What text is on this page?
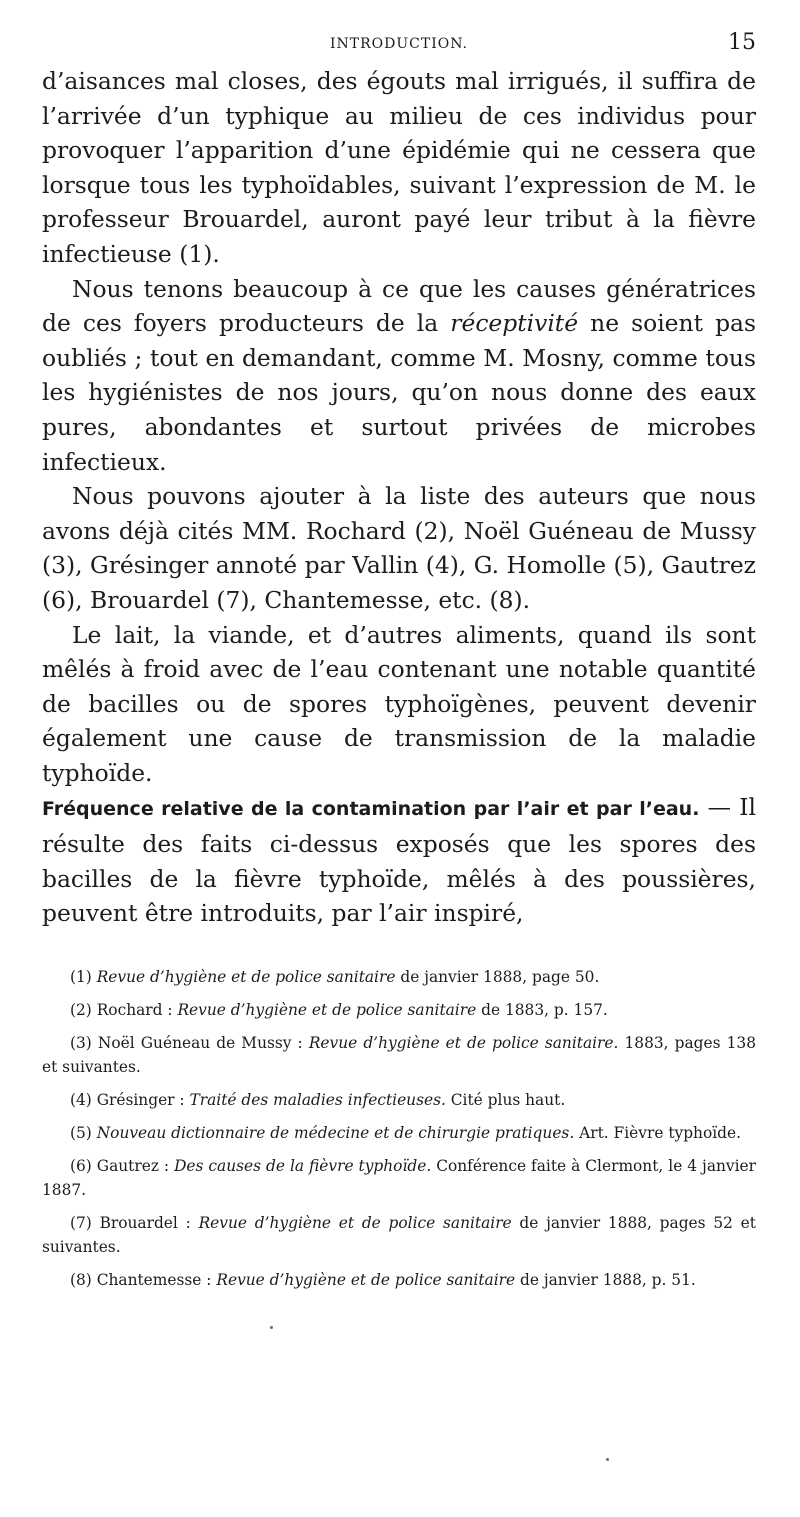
INTRODUCTION.	15

d’aisances mal closes, des égouts mal irrigués, il suffira de l’arrivée d’un typhique au milieu de ces individus pour provoquer l’apparition d’une épidémie qui ne cessera que lorsque tous les typhoïdables, suivant l’expression de M. le professeur Brouardel, auront payé leur tribut à la fièvre infectieuse (1).

Nous tenons beaucoup à ce que les causes génératrices de ces foyers producteurs de la réceptivité ne soient pas oubliés ; tout en demandant, comme M. Mosny, comme tous les hygiénistes de nos jours, qu’on nous donne des eaux pures, abondantes et surtout privées de microbes infectieux.

Nous pouvons ajouter à la liste des auteurs que nous avons déjà cités MM. Rochard (2), Noël Guéneau de Mussy (3), Grésinger annoté par Vallin (4), G. Homolle (5), Gautrez (6), Brouardel (7), Chantemesse, etc. (8).

Le lait, la viande, et d’autres aliments, quand ils sont mêlés à froid avec de l’eau contenant une notable quantité de bacilles ou de spores typhoïgènes, peuvent devenir également une cause de transmission de la maladie typhoïde.

Fréquence relative de la contamination par l’air et par l’eau. — Il résulte des faits ci-dessus exposés que les spores des bacilles de la fièvre typhoïde, mêlés à des poussières, peuvent être introduits, par l’air inspiré,

(1) Revue d’hygiène et de police sanitaire de janvier 1888, page 50.

(2) Rochard : Revue d’hygiène et de police sanitaire de 1883, p. 157.

(3) Noël Guéneau de Mussy : Revue d’hygiène et de police sanitaire. 1883, pages 138 et suivantes.

(4) Grésinger : Traité des maladies infectieuses. Cité plus haut.

(5) Nouveau dictionnaire de médecine et de chirurgie pratiques. Art. Fièvre typhoïde.

(6) Gautrez : Des causes de la fièvre typhoïde. Conférence faite à Clermont, le 4 janvier 1887.

(7) Brouardel : Revue d’hygiène et de police sanitaire de janvier 1888, pages 52 et suivantes.

(8) Chantemesse : Revue d’hygiène et de police sanitaire de janvier 1888, p. 51.
